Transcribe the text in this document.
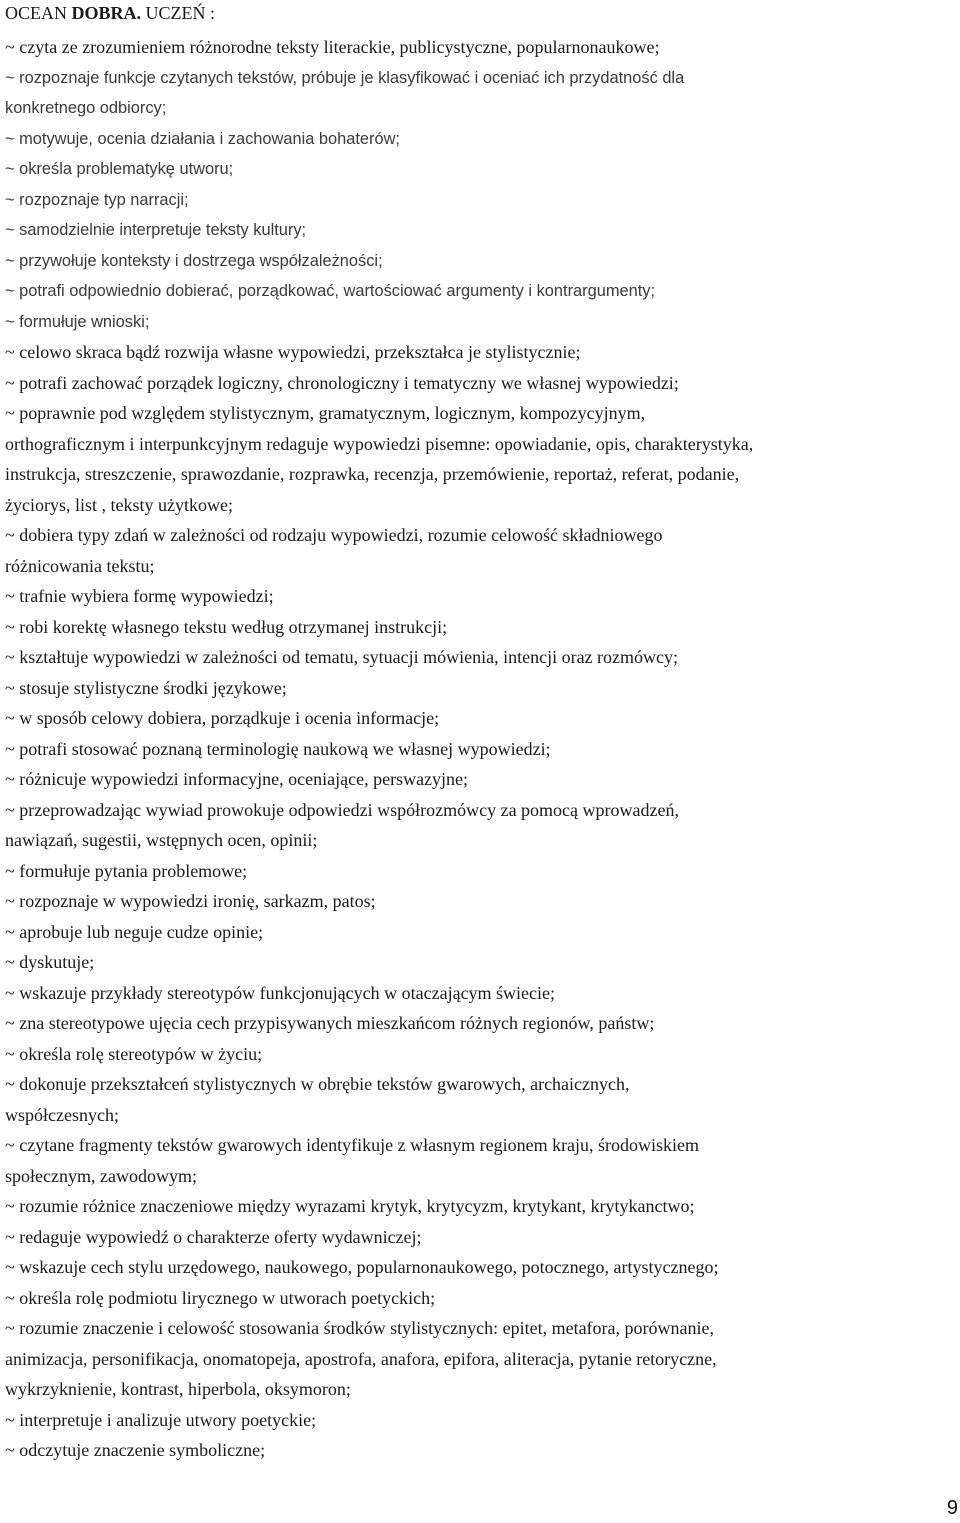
OCEAN DOBRA. UCZEŃ :

~ czyta ze zrozumieniem różnorodne teksty literackie, publicystyczne, popularnonaukowe;

~ rozpoznaje funkcje czytanych tekstów, próbuje je klasyfikować i oceniać ich przydatność dla
konkretnego odbiorcy;

~ motywuje, ocenia działania i zachowania bohaterów;

~ określa problematykę utworu;

~ rozpoznaje typ narracji;

~ samodzielnie interpretuje teksty kultury;

~ przywołuje konteksty i dostrzega współzależności;

~ potrafi odpowiednio dobierać, porządkować, wartościować argumenty i kontrargumenty;

~ formułuje wnioski;

~ celowo skraca bądź rozwija własne wypowiedzi, przekształca je stylistycznie;

~ potrafi zachować porządek logiczny, chronologiczny i tematyczny we własnej wypowiedzi;

~ poprawnie pod względem stylistycznym, gramatycznym, logicznym, kompozycyjnym,
orthograficznym i interpunkcyjnym redaguje wypowiedzi pisemne: opowiadanie, opis, charakterystyka,
instrukcja, streszczenie, sprawozdanie, rozprawka, recenzja, przemówienie, reportaż, referat, podanie,
życiorys, list , teksty użytkowe;

~ dobiera typy zdań w zależności od rodzaju wypowiedzi, rozumie celowość składniowego
różnicowania tekstu;

~ trafnie wybiera formę wypowiedzi;

~ robi korektę własnego tekstu według otrzymanej instrukcji;

~ kształtuje wypowiedzi w zależności od tematu, sytuacji mówienia, intencji oraz rozmówcy;

~ stosuje stylistyczne środki językowe;

~ w sposób celowy dobiera, porządkuje i ocenia informacje;

~ potrafi stosować poznaną terminologię naukową we własnej wypowiedzi;

~ różnicuje wypowiedzi informacyjne, oceniające, perswazyjne;

~ przeprowadzając wywiad prowokuje odpowiedzi współrozmówcy za pomocą wprowadzeń,
nawiązań, sugestii, wstępnych ocen, opinii;

~ formułuje pytania problemowe;

~ rozpoznaje w wypowiedzi ironię, sarkazm, patos;

~ aprobuje lub neguje cudze opinie;

~ dyskutuje;

~ wskazuje przykłady stereotypów funkcjonujących w otaczającym świecie;

~ zna stereotypowe ujęcia cech przypisywanych mieszkańcom różnych regionów, państw;

~ określa rolę stereotypów w życiu;

~ dokonuje przekształceń stylistycznych w obrębie tekstów gwarowych, archaicznych,
współczesnych;

~ czytane fragmenty tekstów gwarowych identyfikuje z własnym regionem kraju, środowiskiem
społecznym, zawodowym;

~ rozumie różnice znaczeniowe między wyrazami krytyk, krytycyzm, krytykant, krytykanctwo;

~ redaguje wypowiedź o charakterze oferty wydawniczej;

~ wskazuje cech stylu urzędowego, naukowego, popularnonaukowego, potocznego, artystycznego;

~ określa rolę podmiotu lirycznego w utworach poetyckich;

~ rozumie znaczenie i celowość stosowania środków stylistycznych: epitet, metafora, porównanie,
animizacja, personifikacja, onomatopeja, apostrofa, anafora, epifora, aliteracja, pytanie retoryczne,
wykrzyknienie, kontrast, hiperbola, oksymoron;

~ interpretuje i analizuje utwory poetyckie;

~ odczytuje znaczenie symboliczne;

9
